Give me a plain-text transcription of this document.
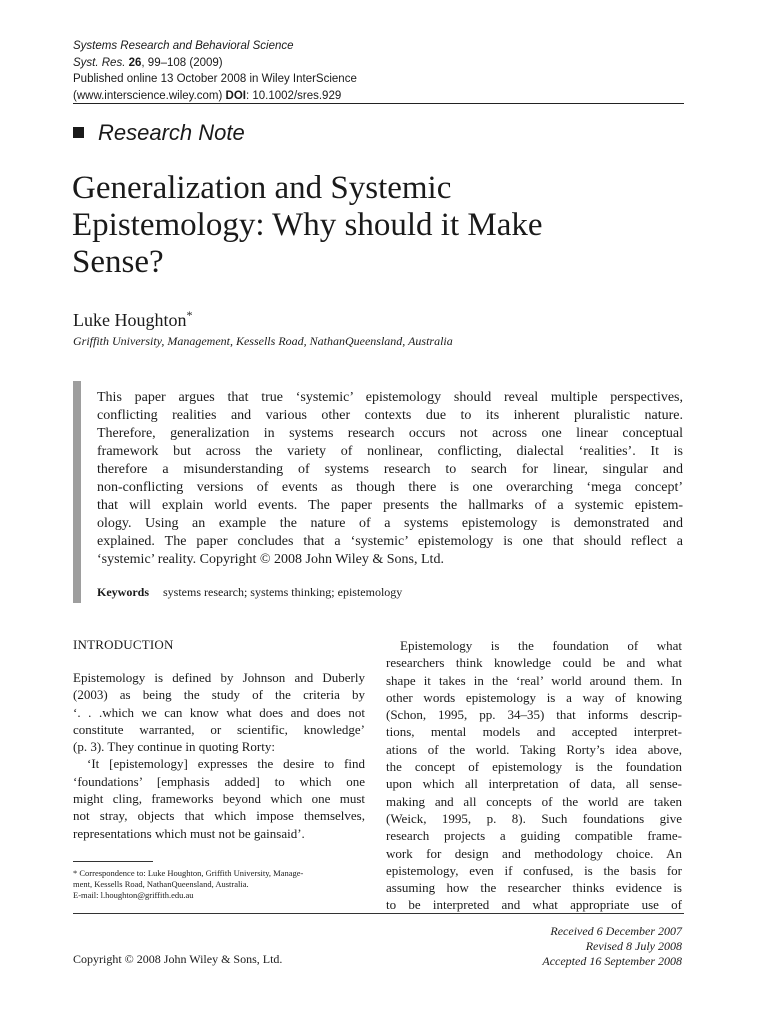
Systems Research and Behavioral Science
Syst. Res. 26, 99–108 (2009)
Published online 13 October 2008 in Wiley InterScience
(www.interscience.wiley.com) DOI: 10.1002/sres.929
Research Note
Generalization and Systemic
Epistemology: Why should it Make
Sense?
Luke Houghton*
Griffith University, Management, Kessells Road, NathanQueensland, Australia
This paper argues that true ‘systemic’ epistemology should reveal multiple perspectives,
conflicting realities and various other contexts due to its inherent pluralistic nature.
Therefore, generalization in systems research occurs not across one linear conceptual
framework but across the variety of nonlinear, conflicting, dialectal ‘realities’. It is
therefore a misunderstanding of systems research to search for linear, singular and
non-conflicting versions of events as though there is one overarching ‘mega concept’
that will explain world events. The paper presents the hallmarks of a systemic epistem-
ology. Using an example the nature of a systems epistemology is demonstrated and
explained. The paper concludes that a ‘systemic’ epistemology is one that should reflect a
‘systemic’ reality. Copyright © 2008 John Wiley & Sons, Ltd.
Keywords systems research; systems thinking; epistemology
INTRODUCTION
Epistemology is defined by Johnson and Duberly
(2003) as being the study of the criteria by
‘. . .which we can know what does and does not
constitute warranted, or scientific, knowledge’
(p. 3). They continue in quoting Rorty:
‘It [epistemology] expresses the desire to find
‘foundations’ [emphasis added] to which one
might cling, frameworks beyond which one must
not stray, objects that which impose themselves,
representations which must not be gainsaid’.
Epistemology is the foundation of what
researchers think knowledge could be and what
shape it takes in the ‘real’ world around them. In
other words epistemology is a way of knowing
(Schon, 1995, pp. 34–35) that informs descrip-
tions, mental models and accepted interpret-
ations of the world. Taking Rorty’s idea above,
the concept of epistemology is the foundation
upon which all interpretation of data, all sense-
making and all concepts of the world are taken
(Weick, 1995, p. 8). Such foundations give
research projects a guiding compatible frame-
work for design and methodology choice. An
epistemology, even if confused, is the basis for
assuming how the researcher thinks evidence is
to be interpreted and what appropriate use of
* Correspondence to: Luke Houghton, Griffith University, Manage-
ment, Kessells Road, NathanQueensland, Australia.
E-mail: l.houghton@griffith.edu.au
Received 6 December 2007
Revised 8 July 2008
Accepted 16 September 2008
Copyright © 2008 John Wiley & Sons, Ltd.
